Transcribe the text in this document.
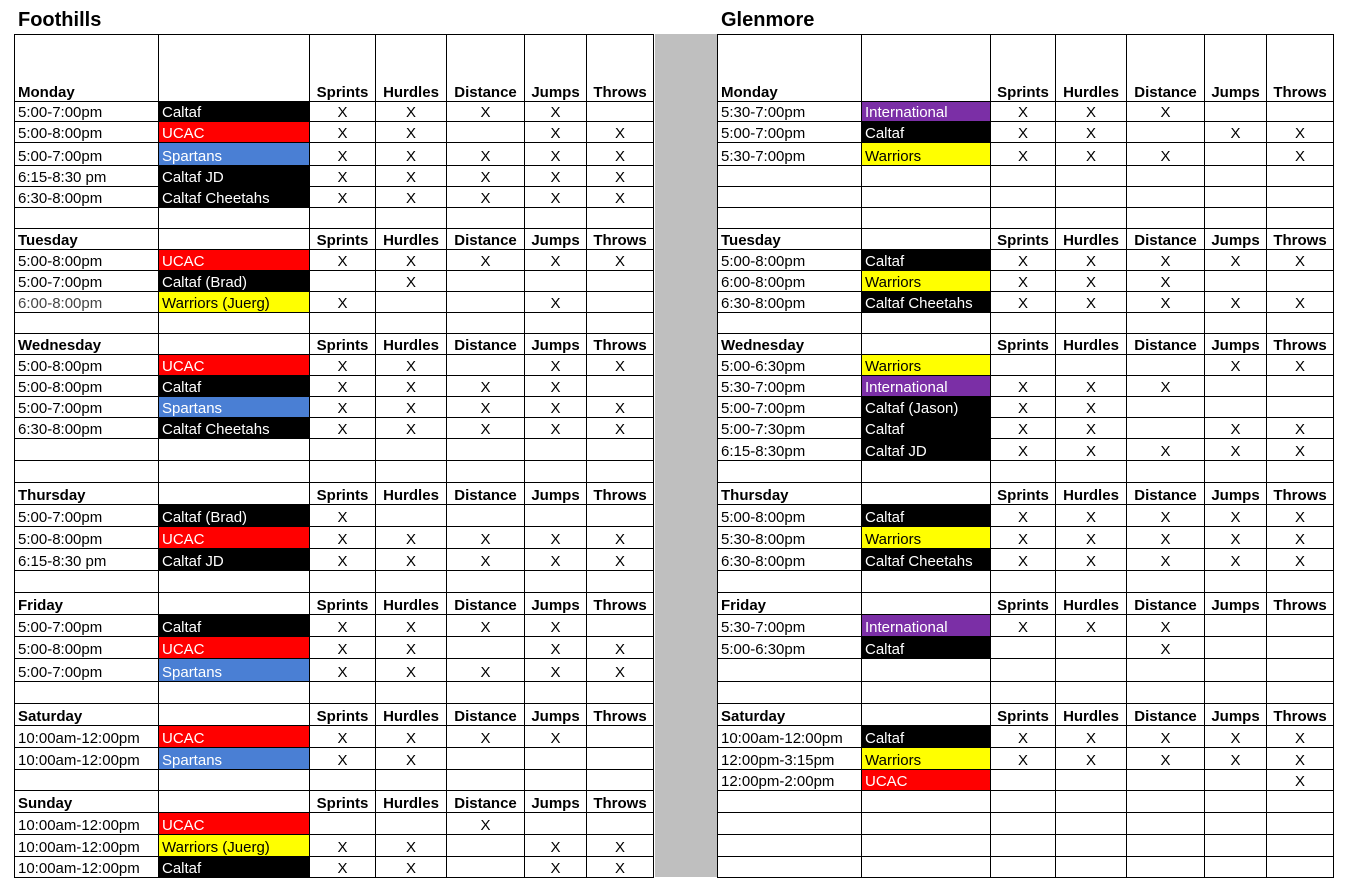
Foothills	Glenmore
Monday		Sprints	Hurdles	Distance	Jumps	Throws
5:00-7:00pm	Caltaf	X	X	X	X	
5:00-8:00pm	UCAC	X	X		X	X
5:00-7:00pm	Spartans	X	X	X	X	X
6:15-8:30 pm	Caltaf JD	X	X	X	X	X
6:30-8:00pm	Caltaf Cheetahs	X	X	X	X	X

Tuesday		Sprints	Hurdles	Distance	Jumps	Throws
5:00-8:00pm	UCAC	X	X	X	X	X
5:00-7:00pm	Caltaf (Brad)		X			
6:00-8:00pm	Warriors (Juerg)	X			X	

Wednesday		Sprints	Hurdles	Distance	Jumps	Throws
5:00-8:00pm	UCAC	X	X		X	X
5:00-8:00pm	Caltaf	X	X	X	X	
5:00-7:00pm	Spartans	X	X	X	X	X
6:30-8:00pm	Caltaf Cheetahs	X	X	X	X	X

Thursday		Sprints	Hurdles	Distance	Jumps	Throws
5:00-7:00pm	Caltaf (Brad)	X				
5:00-8:00pm	UCAC	X	X	X	X	X
6:15-8:30 pm	Caltaf JD	X	X	X	X	X

Friday		Sprints	Hurdles	Distance	Jumps	Throws
5:00-7:00pm	Caltaf	X	X	X	X	
5:00-8:00pm	UCAC	X	X		X	X
5:00-7:00pm	Spartans	X	X	X	X	X

Saturday		Sprints	Hurdles	Distance	Jumps	Throws
10:00am-12:00pm	UCAC	X	X	X	X	
10:00am-12:00pm	Spartans	X	X			

Sunday		Sprints	Hurdles	Distance	Jumps	Throws
10:00am-12:00pm	UCAC			X		
10:00am-12:00pm	Warriors (Juerg)	X	X		X	X
10:00am-12:00pm	Caltaf	X	X		X	X
Monday		Sprints	Hurdles	Distance	Jumps	Throws
5:30-7:00pm	International	X	X	X		
5:00-7:00pm	Caltaf	X	X		X	X
5:30-7:00pm	Warriors	X	X	X		X

Tuesday		Sprints	Hurdles	Distance	Jumps	Throws
5:00-8:00pm	Caltaf	X	X	X	X	X
6:00-8:00pm	Warriors	X	X	X		
6:30-8:00pm	Caltaf Cheetahs	X	X	X	X	X

Wednesday		Sprints	Hurdles	Distance	Jumps	Throws
5:00-6:30pm	Warriors				X	X
5:30-7:00pm	International	X	X	X		
5:00-7:00pm	Caltaf (Jason)	X	X			
5:00-7:30pm	Caltaf	X	X		X	X
6:15-8:30pm	Caltaf JD	X	X	X	X	X

Thursday		Sprints	Hurdles	Distance	Jumps	Throws
5:00-8:00pm	Caltaf	X	X	X	X	X
5:30-8:00pm	Warriors	X	X	X	X	X
6:30-8:00pm	Caltaf Cheetahs	X	X	X	X	X

Friday		Sprints	Hurdles	Distance	Jumps	Throws
5:30-7:00pm	International	X	X	X		
5:00-6:30pm	Caltaf			X		

Saturday		Sprints	Hurdles	Distance	Jumps	Throws
10:00am-12:00pm	Caltaf	X	X	X	X	X
12:00pm-3:15pm	Warriors	X	X	X	X	X
12:00pm-2:00pm	UCAC					X
